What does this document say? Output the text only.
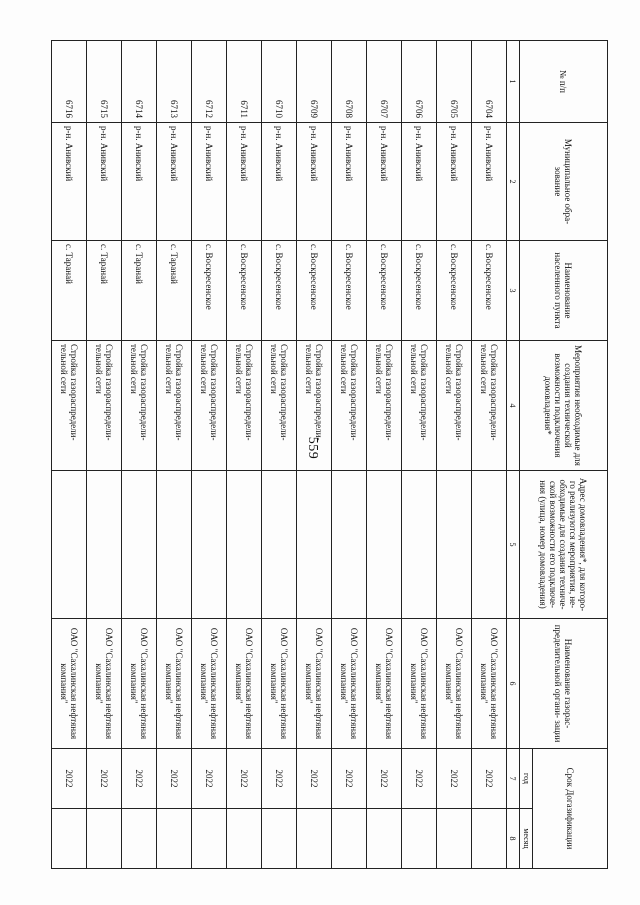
559
№ п/п	Муниципальное обра- зование	Наименование населенного пункта	Мероприятия необходимые для создания технической возможности подключения домовладения*	Адрес домовладения*, для которо- го реализуются мероприятия, не- обходимые для создания техниче- ской возможности его подключе- ния (улица, номер домовладения)	Наименование газорас- пределительной органи- зации	Срок Догазификации	
						год	месяц
1	2	3	4	5	6	7	8
6704	р-н. Анивский	с. Воскресенское	Стройка газораспредели- тельной сети		ОАО "Сахалинская нефтяная компания"	2022	
6705	р-н. Анивский	с. Воскресенское	Стройка газораспредели- тельной сети		ОАО "Сахалинская нефтяная компания"	2022	
6706	р-н. Анивский	с. Воскресенское	Стройка газораспредели- тельной сети		ОАО "Сахалинская нефтяная компания"	2022	
6707	р-н. Анивский	с. Воскресенское	Стройка газораспредели- тельной сети		ОАО "Сахалинская нефтяная компания"	2022	
6708	р-н. Анивский	с. Воскресенское	Стройка газораспредели- тельной сети		ОАО "Сахалинская нефтяная компания"	2022	
6709	р-н. Анивский	с. Воскресенское	Стройка газораспредели- тельной сети		ОАО "Сахалинская нефтяная компания"	2022	
6710	р-н. Анивский	с. Воскресенское	Стройка газораспредели- тельной сети		ОАО "Сахалинская нефтяная компания"	2022	
6711	р-н. Анивский	с. Воскресенское	Стройка газораспредели- тельной сети		ОАО "Сахалинская нефтяная компания"	2022	
6712	р-н. Анивский	с. Воскресенское	Стройка газораспредели- тельной сети		ОАО "Сахалинская нефтяная компания"	2022	
6713	р-н. Анивский	с. Таранай	Стройка газораспредели- тельной сети		ОАО "Сахалинская нефтяная компания"	2022	
6714	р-н. Анивский	с. Таранай	Стройка газораспредели- тельной сети		ОАО "Сахалинская нефтяная компания"	2022	
6715	р-н. Анивский	с. Таранай	Стройка газораспредели- тельной сети		ОАО "Сахалинская нефтяная компания"	2022	
6716	р-н. Анивский	с. Таранай	Стройка газораспредели- тельной сети		ОАО "Сахалинская нефтяная компания"	2022	
